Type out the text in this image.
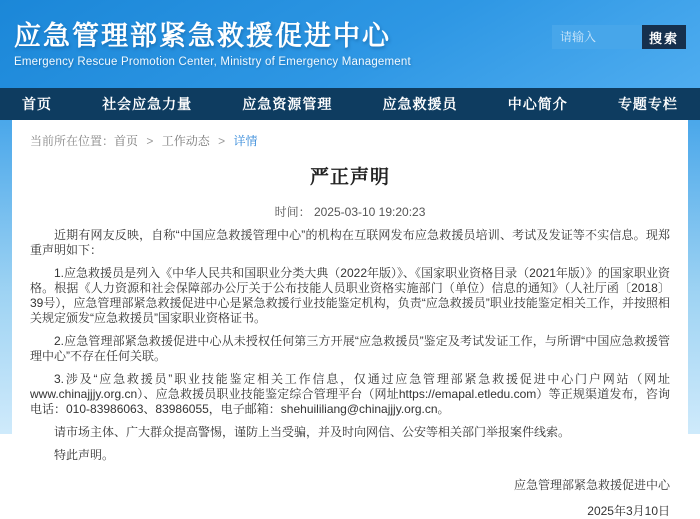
应急管理部紧急救援促进中心
Emergency Rescue Promotion Center, Ministry of Emergency Management
请输入
搜索
首页	社会应急力量	应急资源管理	应急救援员	中心简介	专题专栏
当前所在位置：首页 > 工作动态 > 详情
严正声明
时间： 2025-03-10 19:20:23

近期有网友反映，自称“中国应急救援管理中心”的机构在互联网发布应急救援员培训、考试及发证等不实信息。现郑重声明如下：

1.应急救援员是列入《中华人民共和国职业分类大典（2022年版）》、《国家职业资格目录（2021年版）》的国家职业资格。根据《人力资源和社会保障部办公厅关于公布技能人员职业资格实施部门（单位）信息的通知》（人社厅函〔2018〕39号），应急管理部紧急救援促进中心是紧急救援行业技能鉴定机构，负责“应急救援员”职业技能鉴定相关工作，并按照相关规定颁发“应急救援员”国家职业资格证书。

2.应急管理部紧急救援促进中心从未授权任何第三方开展“应急救援员”鉴定及考试发证工作，与所谓“中国应急救援管理中心”不存在任何关联。

3.涉及“应急救援员”职业技能鉴定相关工作信息，仅通过应急管理部紧急救援促进中心门户网站（网址www.chinajjjy.org.cn）、应急救援员职业技能鉴定综合管理平台（网址https://emapal.etledu.com）等正规渠道发布，咨询电话：010-83986063、83986055，电子邮箱：shehuililiang@chinajjjy.org.cn。

请市场主体、广大群众提高警惕，谨防上当受骗，并及时向网信、公安等相关部门举报案件线索。

特此声明。

应急管理部紧急救援促进中心
2025年3月10日
